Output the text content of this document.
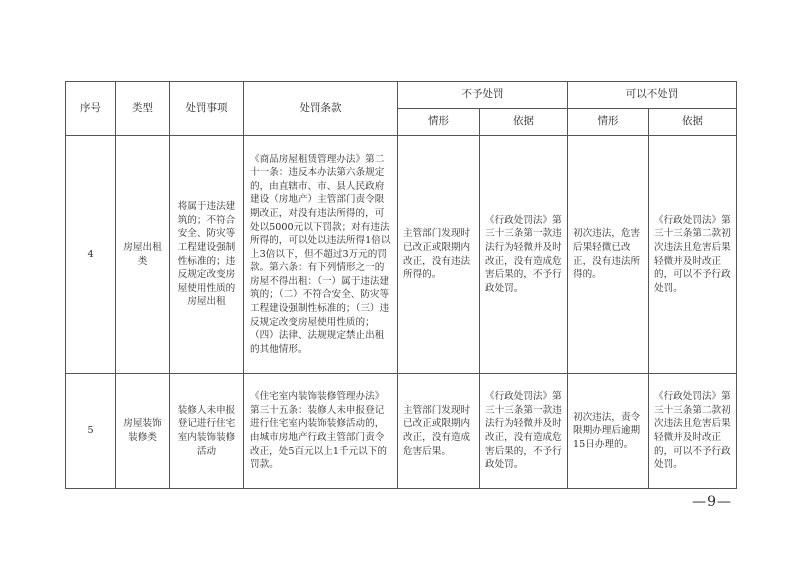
序号	类型	处罚事项	处罚条款	不予处罚		可以不处罚	
				情形	依据	情形	依据
4	房屋出租类	将属于违法建筑的；不符合安全、防灾等工程建设强制性标准的；违反规定改变房屋使用性质的房屋出租	《商品房屋租赁管理办法》第二十一条：违反本办法第六条规定的，由直辖市、市、县人民政府建设（房地产）主管部门责令限期改正，对没有违法所得的，可处以5000元以下罚款；对有违法所得的，可以处以违法所得1倍以上3倍以下，但不超过3万元的罚款。第六条：有下列情形之一的房屋不得出租：（一）属于违法建筑的；（二）不符合安全、防灾等工程建设强制性标准的；（三）违反规定改变房屋使用性质的；（四）法律、法规规定禁止出租的其他情形。	主管部门发现时已改正或限期内改正，没有违法所得的。	《行政处罚法》第三十三条第一款违法行为轻微并及时改正，没有造成危害后果的，不予行政处罚。	初次违法，危害后果轻微已改正，没有违法所得的。	《行政处罚法》第三十三条第二款初次违法且危害后果轻微并及时改正的，可以不予行政处罚。
5	房屋装饰装修类	装修人未申报登记进行住宅室内装饰装修活动	《住宅室内装饰装修管理办法》第三十五条：装修人未申报登记进行住宅室内装饰装修活动的，由城市房地产行政主管部门责令改正，处5百元以上1千元以下的罚款。	主管部门发现时已改正或限期内改正，没有造成危害后果。	《行政处罚法》第三十三条第一款违法行为轻微并及时改正，没有造成危害后果的，不予行政处罚。	初次违法，责令限期办理后逾期15日办理的。	《行政处罚法》第三十三条第二款初次违法且危害后果轻微并及时改正的，可以不予行政处罚。
—9—
